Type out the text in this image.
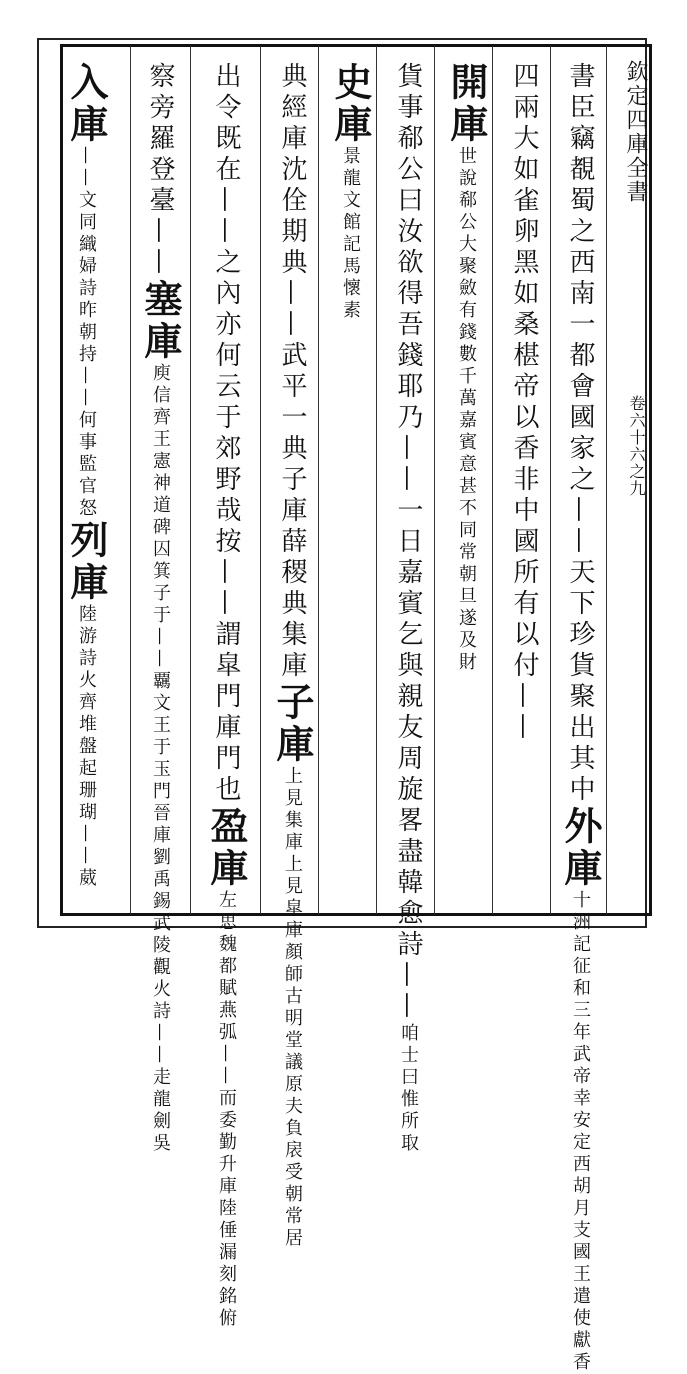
欽定四庫全書
卷六十六之九
書臣竊覩蜀之西南一都會國家之——天下珍貨聚出其中外庫十洲記征和三年武帝幸安定西胡月支國王遣使獻香
四兩大如雀卵黑如桑椹帝以香非中國所有以付——
開庫世說郗公大聚斂有錢數千萬嘉賓意甚不同常朝旦遂及財
貨事郗公曰汝欲得吾錢耶乃——一日嘉賓乞與親友周旋畧盡韓愈詩——咱士曰惟所取
史庫景龍文館記馬懷素
典經庫沈佺期典——武平一典子庫薛稷典集庫子庫上見集庫上見皐庫顏師古明堂議原夫負扆受朝常居
出令既在——之內亦何云于郊野哉按——謂皐門庫門也盈庫左思魏都賦燕弧——而委勤升庫陸倕漏刻銘俯
察旁羅登臺——塞庫庾信齊王憲神道碑囚箕子于——覊文王于玉門晉庫劉禹錫武陵觀火詩——走龍劍吳
入庫——文同織婦詩昨朝持——何事監官怒列庫陸游詩火齊堆盤起珊瑚——葳
